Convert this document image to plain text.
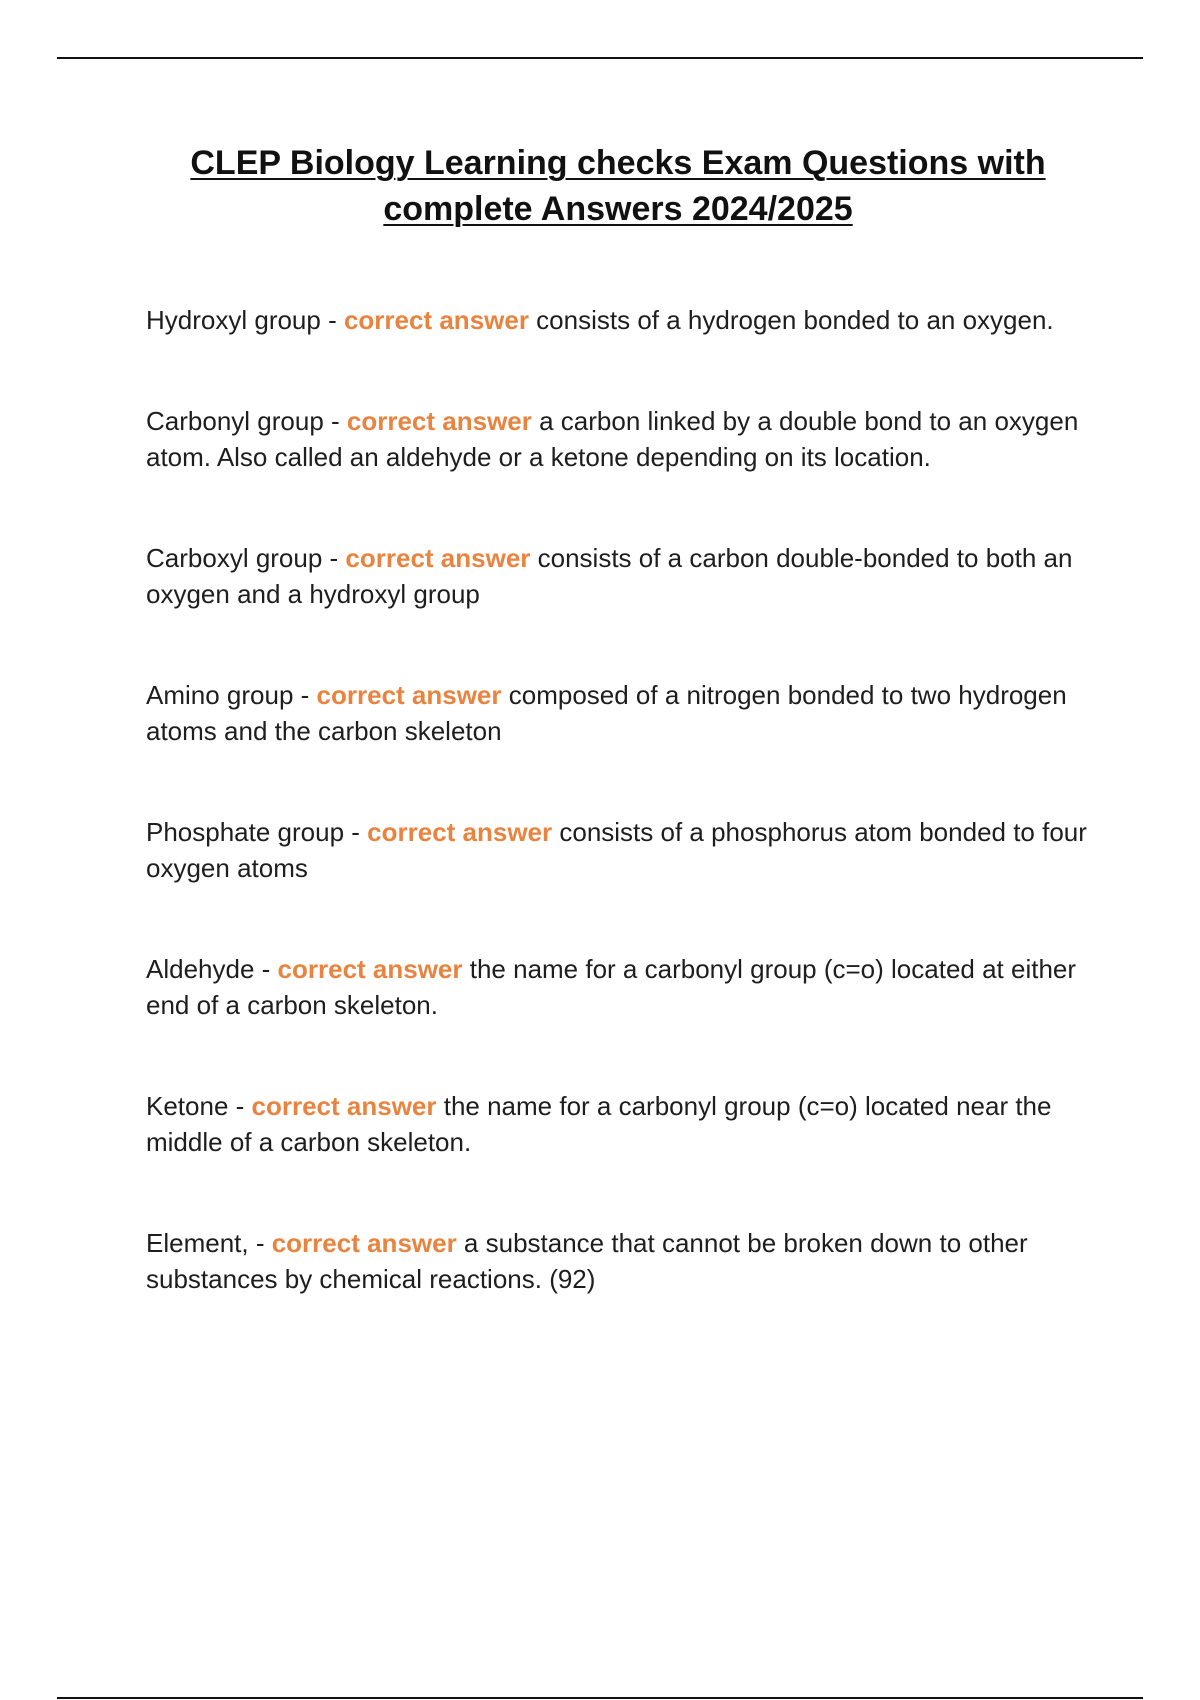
CLEP Biology Learning checks Exam Questions with complete Answers 2024/2025

Hydroxyl group - correct answer consists of a hydrogen bonded to an oxygen.

Carbonyl group - correct answer a carbon linked by a double bond to an oxygen atom. Also called an aldehyde or a ketone depending on its location.

Carboxyl group - correct answer consists of a carbon double-bonded to both an oxygen and a hydroxyl group

Amino group - correct answer composed of a nitrogen bonded to two hydrogen atoms and the carbon skeleton

Phosphate group - correct answer consists of a phosphorus atom bonded to four oxygen atoms

Aldehyde - correct answer the name for a carbonyl group (c=o) located at either end of a carbon skeleton.

Ketone - correct answer the name for a carbonyl group (c=o) located near the middle of a carbon skeleton.

Element, - correct answer a substance that cannot be broken down to other substances by chemical reactions. (92)
